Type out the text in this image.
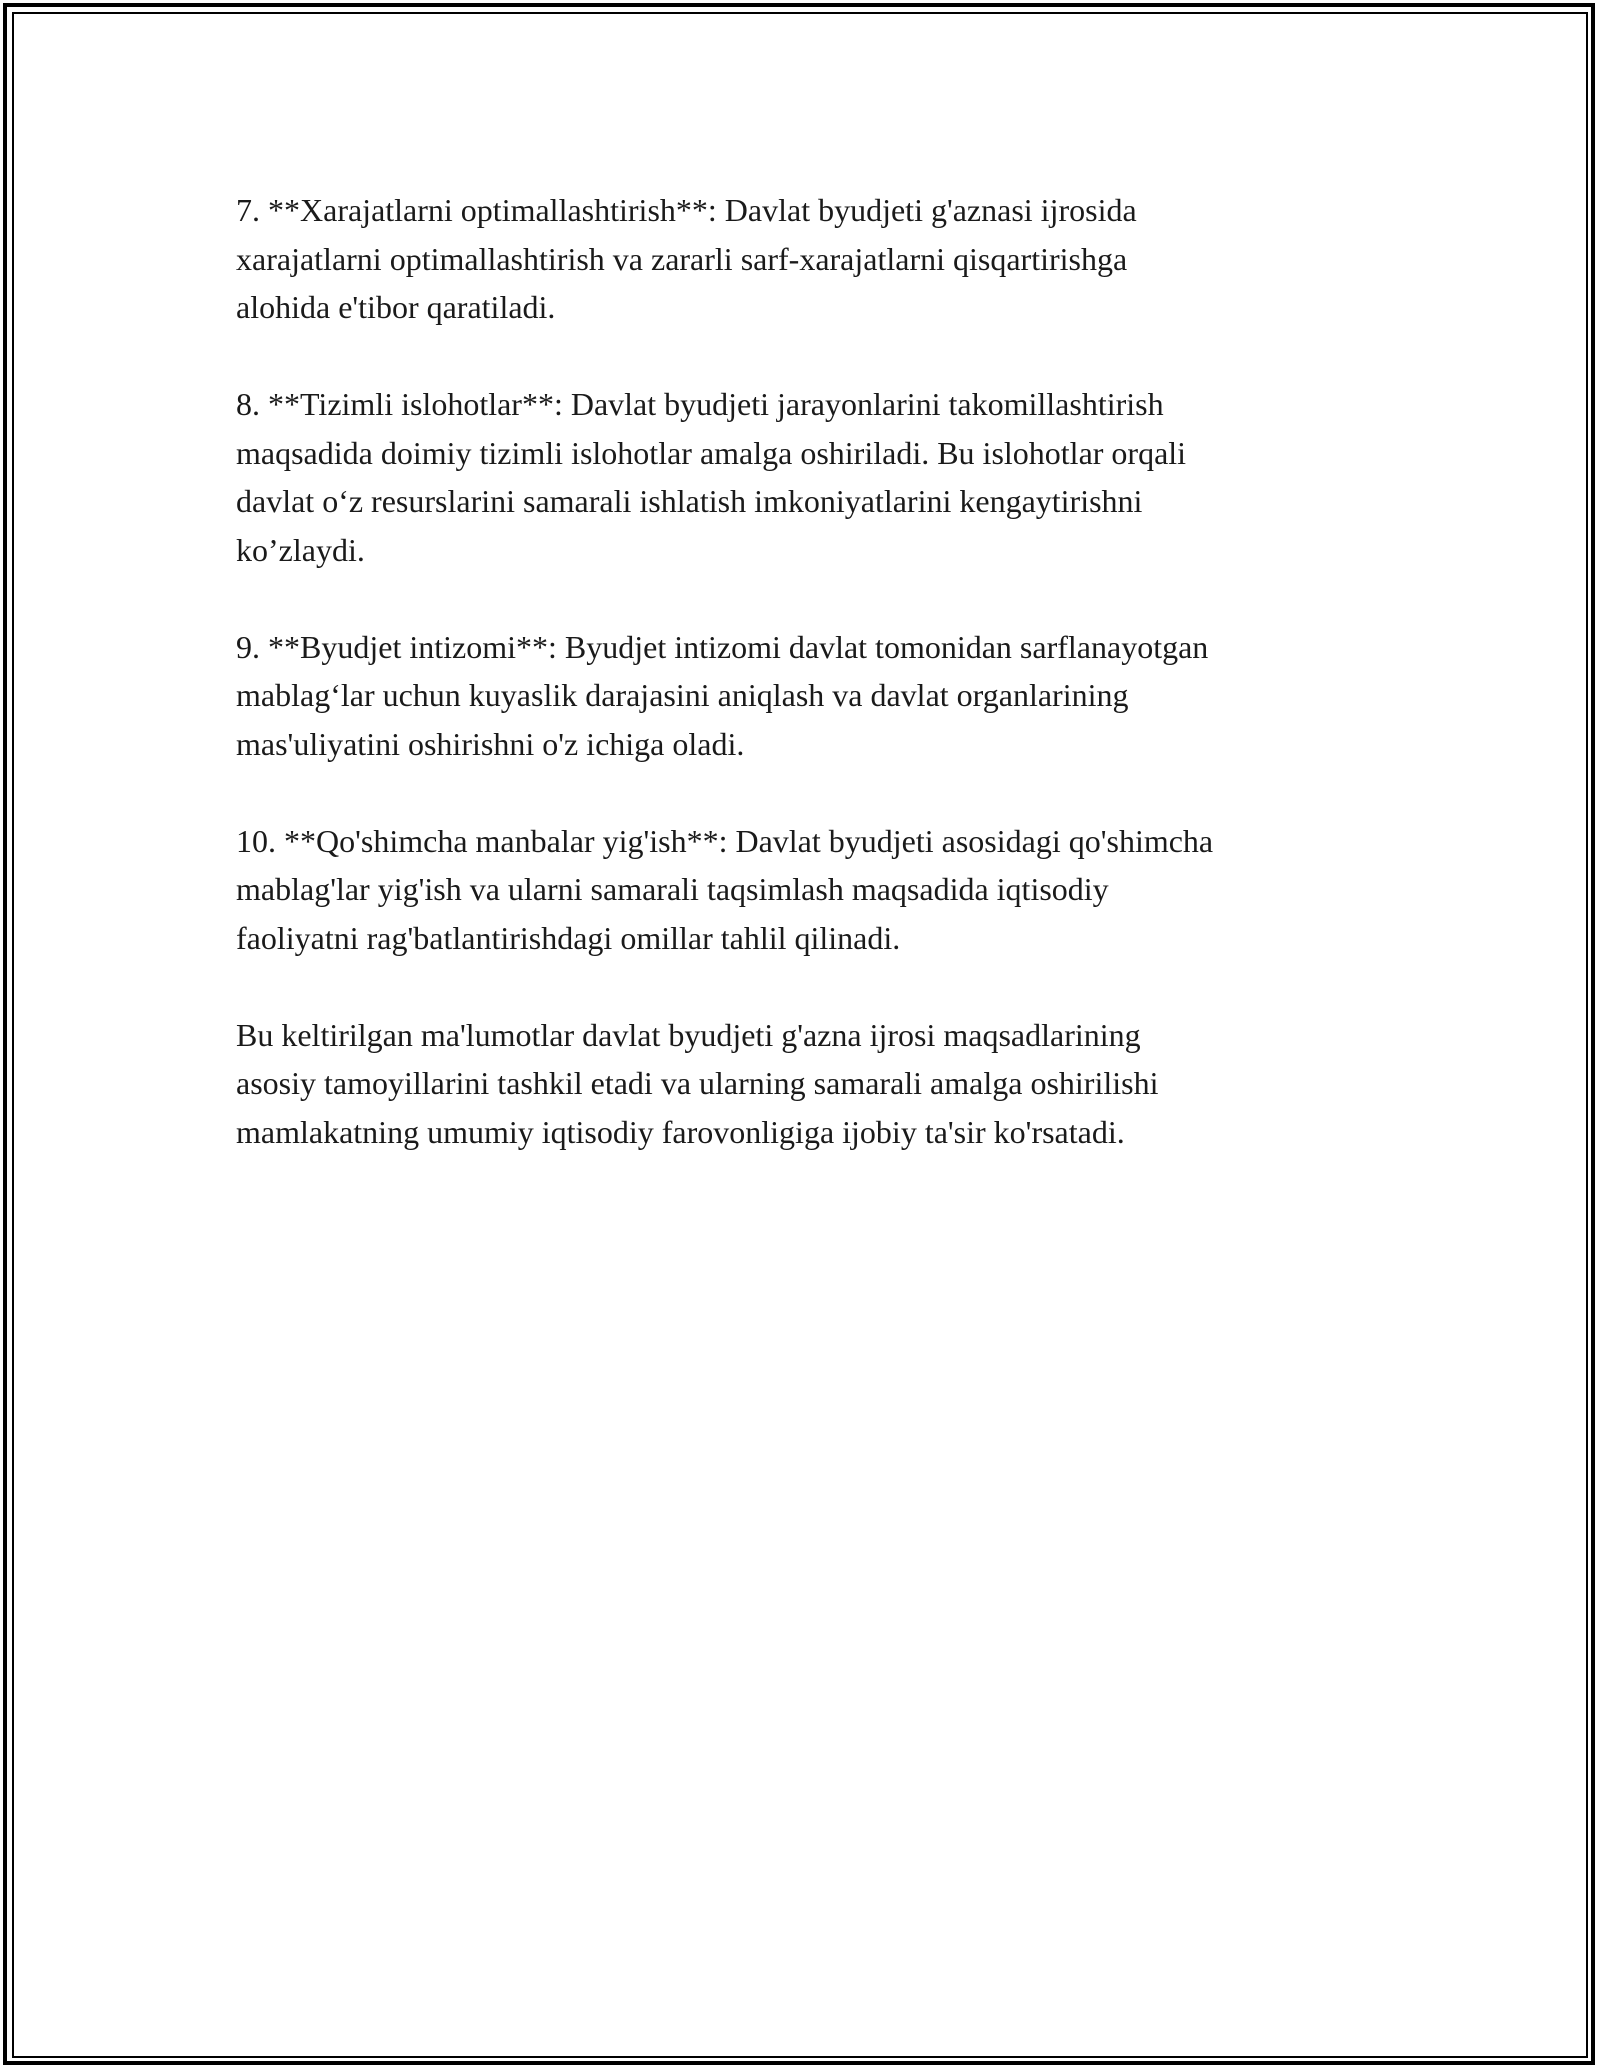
7. **Xarajatlarni optimallashtirish**: Davlat byudjeti g'aznasi ijrosida
xarajatlarni optimallashtirish va zararli sarf-xarajatlarni qisqartirishga
alohida e'tibor qaratiladi.

8. **Tizimli islohotlar**: Davlat byudjeti jarayonlarini takomillashtirish
maqsadida doimiy tizimli islohotlar amalga oshiriladi. Bu islohotlar orqali
davlat o‘z resurslarini samarali ishlatish imkoniyatlarini kengaytirishni
ko’zlaydi.

9. **Byudjet intizomi**: Byudjet intizomi davlat tomonidan sarflanayotgan
mablag‘lar uchun kuyaslik darajasini aniqlash va davlat organlarining
mas'uliyatini oshirishni o'z ichiga oladi.

10. **Qo'shimcha manbalar yig'ish**: Davlat byudjeti asosidagi qo'shimcha
mablag'lar yig'ish va ularni samarali taqsimlash maqsadida iqtisodiy
faoliyatni rag'batlantirishdagi omillar tahlil qilinadi.

Bu keltirilgan ma'lumotlar davlat byudjeti g'azna ijrosi maqsadlarining
asosiy tamoyillarini tashkil etadi va ularning samarali amalga oshirilishi
mamlakatning umumiy iqtisodiy farovonligiga ijobiy ta'sir ko'rsatadi.
